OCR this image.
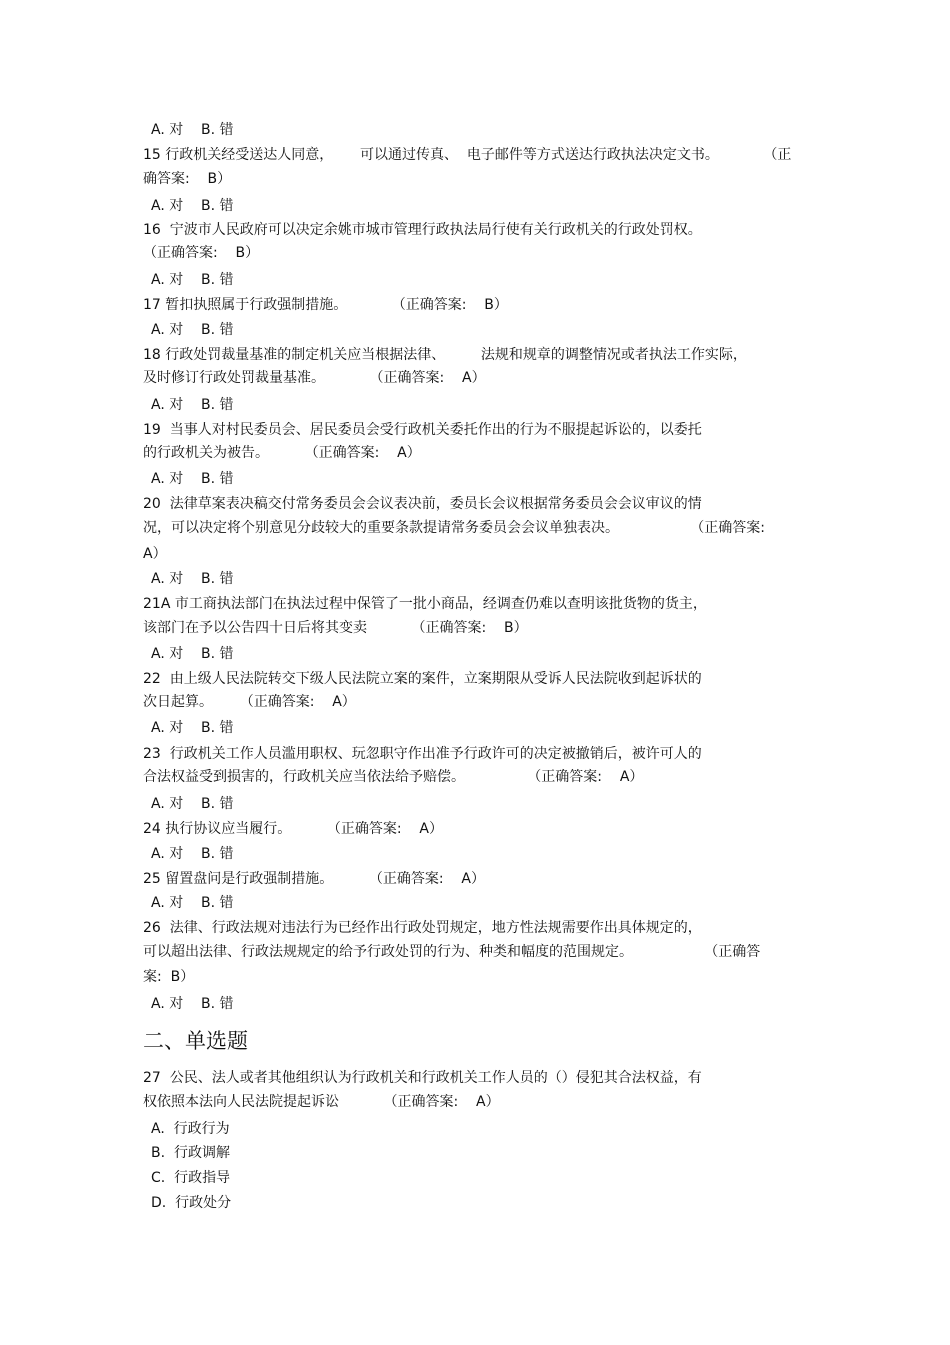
A. 对    B. 错
15 行政机关经受送达人同意，      可以通过传真、  电子邮件等方式送达行政执法决定文书。          （正
确答案:    B）
A. 对    B. 错
16  宁波市人民政府可以决定余姚市城市管理行政执法局行使有关行政机关的行政处罚权。
（正确答案:    B）
A. 对    B. 错
17 暂扣执照属于行政强制措施。          （正确答案:    B）
A. 对    B. 错
18 行政处罚裁量基准的制定机关应当根据法律、        法规和规章的调整情况或者执法工作实际，
及时修订行政处罚裁量基准。          （正确答案:    A）
A. 对    B. 错
19  当事人对村民委员会、居民委员会受行政机关委托作出的行为不服提起诉讼的，以委托
的行政机关为被告。        （正确答案:    A）
A. 对    B. 错
20  法律草案表决稿交付常务委员会会议表决前，委员长会议根据常务委员会会议审议的情
况，可以决定将个别意见分歧较大的重要条款提请常务委员会会议单独表决。                （正确答案:
A）
A. 对    B. 错
21A 市工商执法部门在执法过程中保管了一批小商品，经调查仍难以查明该批货物的货主，
该部门在予以公告四十日后将其变卖          （正确答案:    B）
A. 对    B. 错
22  由上级人民法院转交下级人民法院立案的案件，立案期限从受诉人民法院收到起诉状的
次日起算。      （正确答案:    A）
A. 对    B. 错
23  行政机关工作人员滥用职权、玩忽职守作出准予行政许可的决定被撤销后，被许可人的
合法权益受到损害的，行政机关应当依法给予赔偿。              （正确答案:    A）
A. 对    B. 错
24 执行协议应当履行。        （正确答案:    A）
A. 对    B. 错
25 留置盘问是行政强制措施。        （正确答案:    A）
A. 对    B. 错
26  法律、行政法规对违法行为已经作出行政处罚规定，地方性法规需要作出具体规定的，
可以超出法律、行政法规规定的给予行政处罚的行为、种类和幅度的范围规定。                （正确答
案:  B）
A. 对    B. 错
二、单选题
27  公民、法人或者其他组织认为行政机关和行政机关工作人员的（）侵犯其合法权益，有
权依照本法向人民法院提起诉讼          （正确答案:    A）
A.  行政行为
B.  行政调解
C.  行政指导
D.  行政处分
